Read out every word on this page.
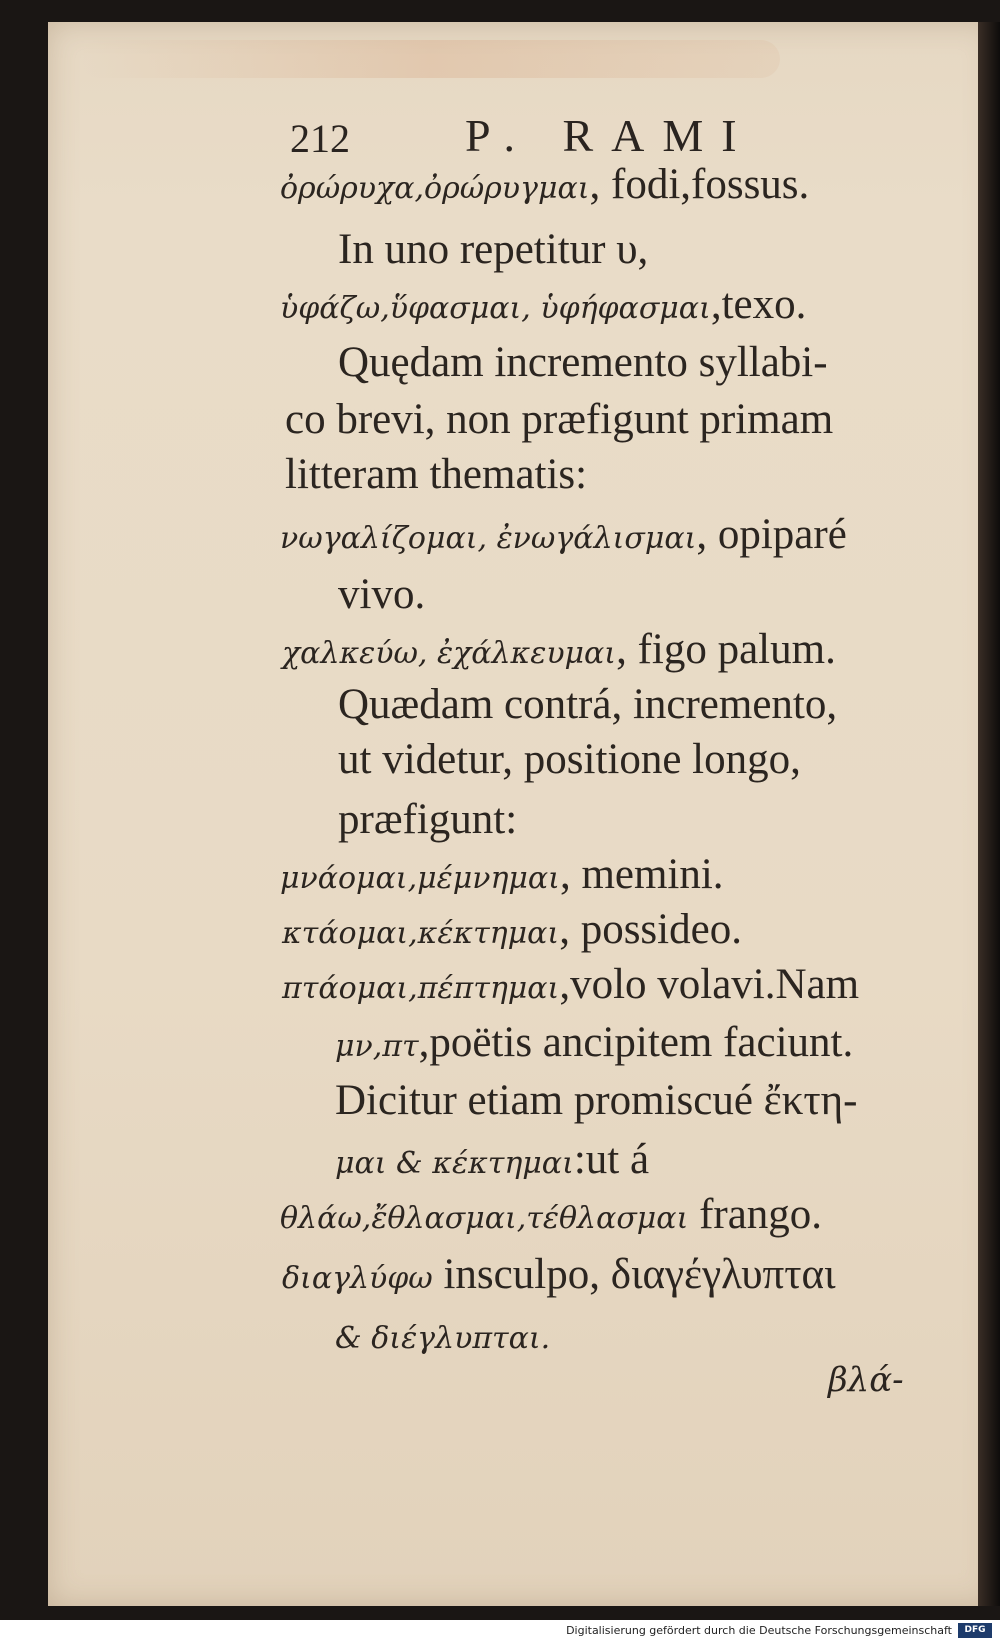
212	P. RAMI
ὀρώρυχα,ὀρώρυγμαι, fodi,fossus.
In uno repetitur υ,
ὑφάζω,ὕφασμαι, ὑφήφασμαι,texo.
Quędam incremento syllabi-
co brevi, non præfigunt primam
litteram thematis:
νωγαλίζομαι, ἐνωγάλισμαι, opiparé
vivo.
χαλκεύω, ἐχάλκευμαι, figo palum.
Quædam contrá, incremento,
ut videtur, positione longo,
præfigunt:
μνάομαι,μέμνημαι, memini.
κτάομαι,κέκτημαι, possideo.
πτάομαι,πέπτημαι,volo volavi.Nam
μν,πτ,poëtis ancipitem faciunt.
Dicitur etiam promiscué ἔκτη-
μαι & κέκτημαι:ut á
θλάω,ἔθλασμαι,τέθλασμαι frango.
διαγλύφω insculpo, διαγέγλυπται
& διέγλυπται.
βλά-
Digitalisierung gefördert durch die Deutsche Forschungsgemeinschaft	DFG
